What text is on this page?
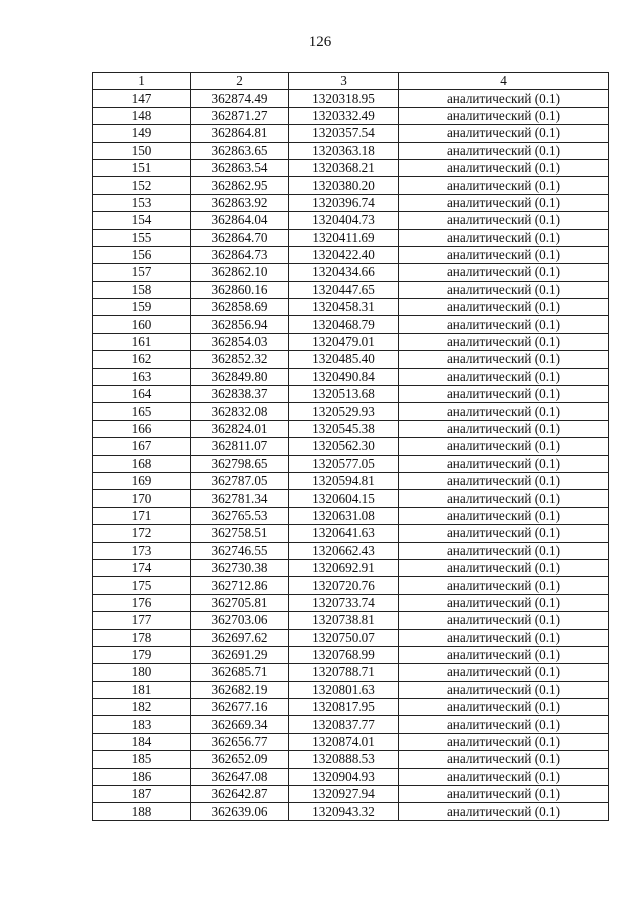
126
1	2	3	4
147	362874.49	1320318.95	аналитический (0.1)
148	362871.27	1320332.49	аналитический (0.1)
149	362864.81	1320357.54	аналитический (0.1)
150	362863.65	1320363.18	аналитический (0.1)
151	362863.54	1320368.21	аналитический (0.1)
152	362862.95	1320380.20	аналитический (0.1)
153	362863.92	1320396.74	аналитический (0.1)
154	362864.04	1320404.73	аналитический (0.1)
155	362864.70	1320411.69	аналитический (0.1)
156	362864.73	1320422.40	аналитический (0.1)
157	362862.10	1320434.66	аналитический (0.1)
158	362860.16	1320447.65	аналитический (0.1)
159	362858.69	1320458.31	аналитический (0.1)
160	362856.94	1320468.79	аналитический (0.1)
161	362854.03	1320479.01	аналитический (0.1)
162	362852.32	1320485.40	аналитический (0.1)
163	362849.80	1320490.84	аналитический (0.1)
164	362838.37	1320513.68	аналитический (0.1)
165	362832.08	1320529.93	аналитический (0.1)
166	362824.01	1320545.38	аналитический (0.1)
167	362811.07	1320562.30	аналитический (0.1)
168	362798.65	1320577.05	аналитический (0.1)
169	362787.05	1320594.81	аналитический (0.1)
170	362781.34	1320604.15	аналитический (0.1)
171	362765.53	1320631.08	аналитический (0.1)
172	362758.51	1320641.63	аналитический (0.1)
173	362746.55	1320662.43	аналитический (0.1)
174	362730.38	1320692.91	аналитический (0.1)
175	362712.86	1320720.76	аналитический (0.1)
176	362705.81	1320733.74	аналитический (0.1)
177	362703.06	1320738.81	аналитический (0.1)
178	362697.62	1320750.07	аналитический (0.1)
179	362691.29	1320768.99	аналитический (0.1)
180	362685.71	1320788.71	аналитический (0.1)
181	362682.19	1320801.63	аналитический (0.1)
182	362677.16	1320817.95	аналитический (0.1)
183	362669.34	1320837.77	аналитический (0.1)
184	362656.77	1320874.01	аналитический (0.1)
185	362652.09	1320888.53	аналитический (0.1)
186	362647.08	1320904.93	аналитический (0.1)
187	362642.87	1320927.94	аналитический (0.1)
188	362639.06	1320943.32	аналитический (0.1)
